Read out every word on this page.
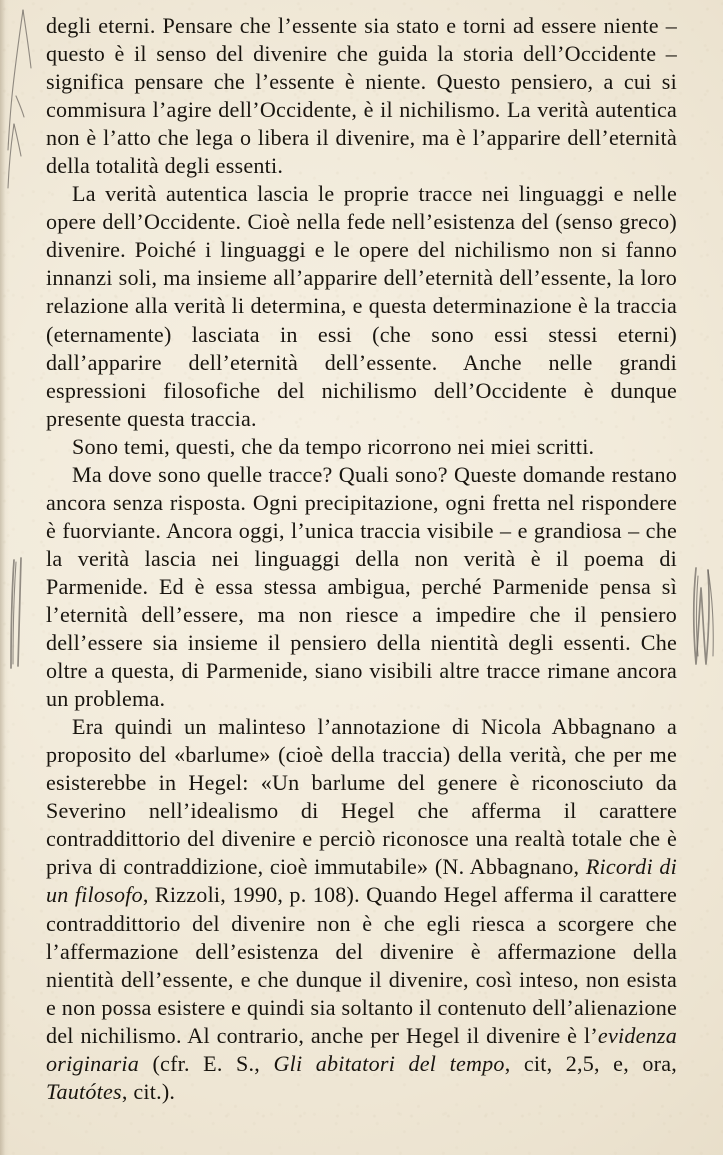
degli eterni. Pensare che l’essente sia stato e torni ad essere niente – questo è il senso del divenire che guida la storia dell’Occidente – significa pensare che l’essente è niente. Questo pensiero, a cui si commisura l’agire dell’Occidente, è il nichilismo. La verità autentica non è l’atto che lega o libera il divenire, ma è l’apparire dell’eternità della totalità degli essenti.

La verità autentica lascia le proprie tracce nei linguaggi e nelle opere dell’Occidente. Cioè nella fede nell’esistenza del (senso greco) divenire. Poiché i linguaggi e le opere del nichilismo non si fanno innanzi soli, ma insieme all’apparire dell’eternità dell’essente, la loro relazione alla verità li determina, e questa determinazione è la traccia (eternamente) lasciata in essi (che sono essi stessi eterni) dall’apparire dell’eternità dell’essente. Anche nelle grandi espressioni filosofiche del nichilismo dell’Occidente è dunque presente questa traccia.

Sono temi, questi, che da tempo ricorrono nei miei scritti.

Ma dove sono quelle tracce? Quali sono? Queste domande restano ancora senza risposta. Ogni precipitazione, ogni fretta nel rispondere è fuorviante. Ancora oggi, l’unica traccia visibile – e grandiosa – che la verità lascia nei linguaggi della non verità è il poema di Parmenide. Ed è essa stessa ambigua, perché Parmenide pensa sì l’eternità dell’essere, ma non riesce a impedire che il pensiero dell’essere sia insieme il pensiero della nientità degli essenti. Che oltre a questa, di Parmenide, siano visibili altre tracce rimane ancora un problema.

Era quindi un malinteso l’annotazione di Nicola Abbagnano a proposito del «barlume» (cioè della traccia) della verità, che per me esisterebbe in Hegel: «Un barlume del genere è riconosciuto da Severino nell’idealismo di Hegel che afferma il carattere contraddittorio del divenire e perciò riconosce una realtà totale che è priva di contraddizione, cioè immutabile» (N. Abbagnano, Ricordi di un filosofo, Rizzoli, 1990, p. 108). Quando Hegel afferma il carattere contraddittorio del divenire non è che egli riesca a scorgere che l’affermazione dell’esistenza del divenire è affermazione della nientità dell’essente, e che dunque il divenire, così inteso, non esista e non possa esistere e quindi sia soltanto il contenuto dell’alienazione del nichilismo. Al contrario, anche per Hegel il divenire è l’evidenza originaria (cfr. E. S., Gli abitatori del tempo, cit, 2,5, e, ora, Tautótes, cit.).
